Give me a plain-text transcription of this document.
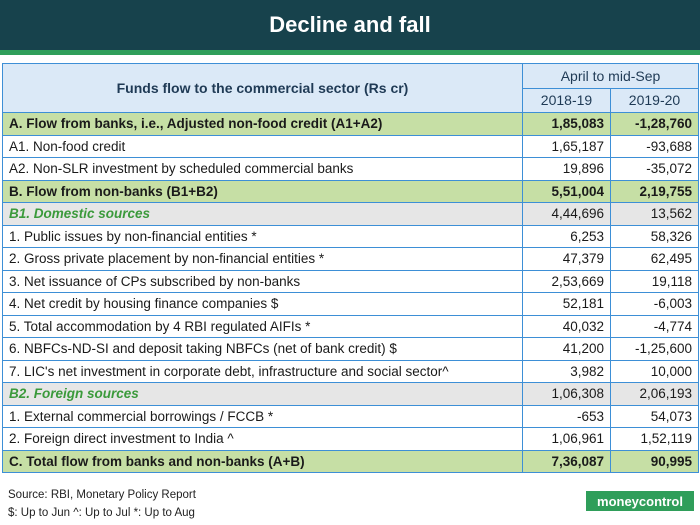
Decline and fall
Funds flow to the commercial sector (Rs cr)	April to mid-Sep	
	2018-19	2019-20
A. Flow from banks, i.e., Adjusted non-food credit (A1+A2)	1,85,083	-1,28,760
A1. Non-food credit	1,65,187	-93,688
A2. Non-SLR investment by scheduled commercial banks	19,896	-35,072
B. Flow from non-banks (B1+B2)	5,51,004	2,19,755
B1. Domestic sources	4,44,696	13,562
1. Public issues by non-financial entities *	6,253	58,326
2. Gross private placement by non-financial entities *	47,379	62,495
3. Net issuance of CPs subscribed by non-banks	2,53,669	19,118
4. Net credit by housing finance companies $	52,181	-6,003
5. Total accommodation by 4 RBI regulated AIFIs *	40,032	-4,774
6. NBFCs-ND-SI and deposit taking NBFCs (net of bank credit) $	41,200	-1,25,600
7. LIC's net investment in corporate debt, infrastructure and social sector^	3,982	10,000
B2. Foreign sources	1,06,308	2,06,193
1. External commercial borrowings / FCCB *	-653	54,073
2. Foreign direct investment to India ^	1,06,961	1,52,119
C. Total flow from banks and non-banks (A+B)	7,36,087	90,995
Source: RBI, Monetary Policy Report
$: Up to Jun ^: Up to Jul *: Up to Aug
moneycontrol
